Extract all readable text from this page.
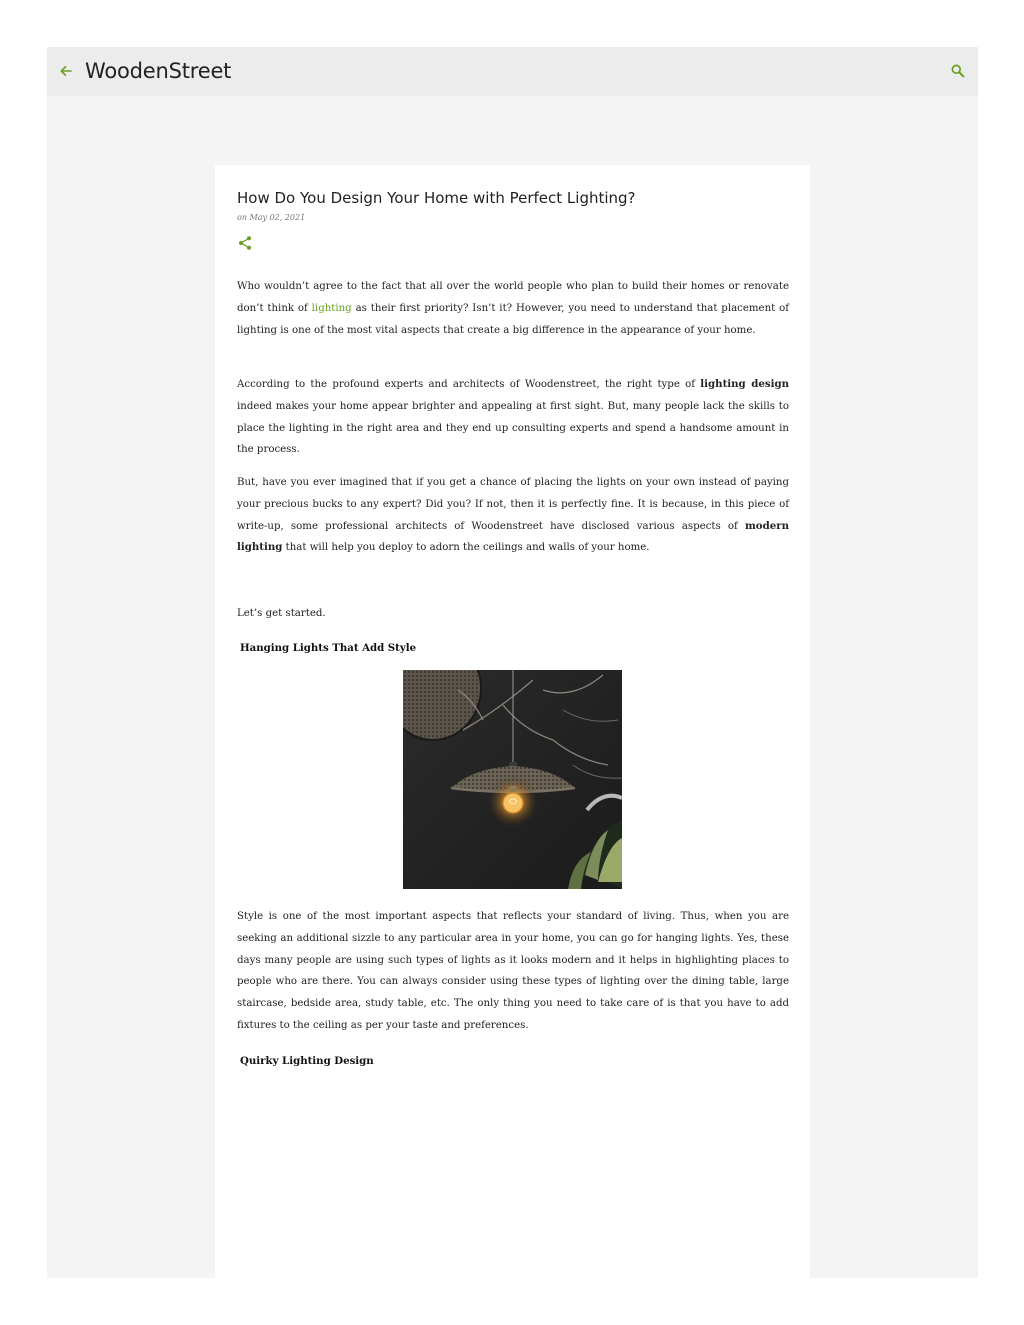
WoodenStreet
How Do You Design Your Home with Perfect Lighting?
on May 02, 2021

Who wouldn’t agree to the fact that all over the world people who plan to build their homes or renovate don’t think of lighting as their first priority? Isn’t it? However, you need to understand that placement of lighting is one of the most vital aspects that create a big difference in the appearance of your home.

According to the profound experts and architects of Woodenstreet, the right type of lighting design indeed makes your home appear brighter and appealing at first sight. But, many people lack the skills to place the lighting in the right area and they end up consulting experts and spend a handsome amount in the process.

But, have you ever imagined that if you get a chance of placing the lights on your own instead of paying your precious bucks to any expert? Did you? If not, then it is perfectly fine. It is because, in this piece of write-up, some professional architects of Woodenstreet have disclosed various aspects of modern lighting that will help you deploy to adorn the ceilings and walls of your home.

Let’s get started.

Hanging Lights That Add Style

Style is one of the most important aspects that reflects your standard of living. Thus, when you are seeking an additional sizzle to any particular area in your home, you can go for hanging lights. Yes, these days many people are using such types of lights as it looks modern and it helps in highlighting places to people who are there. You can always consider using these types of lighting over the dining table, large staircase, bedside area, study table, etc. The only thing you need to take care of is that you have to add fixtures to the ceiling as per your taste and preferences.

Quirky Lighting Design
